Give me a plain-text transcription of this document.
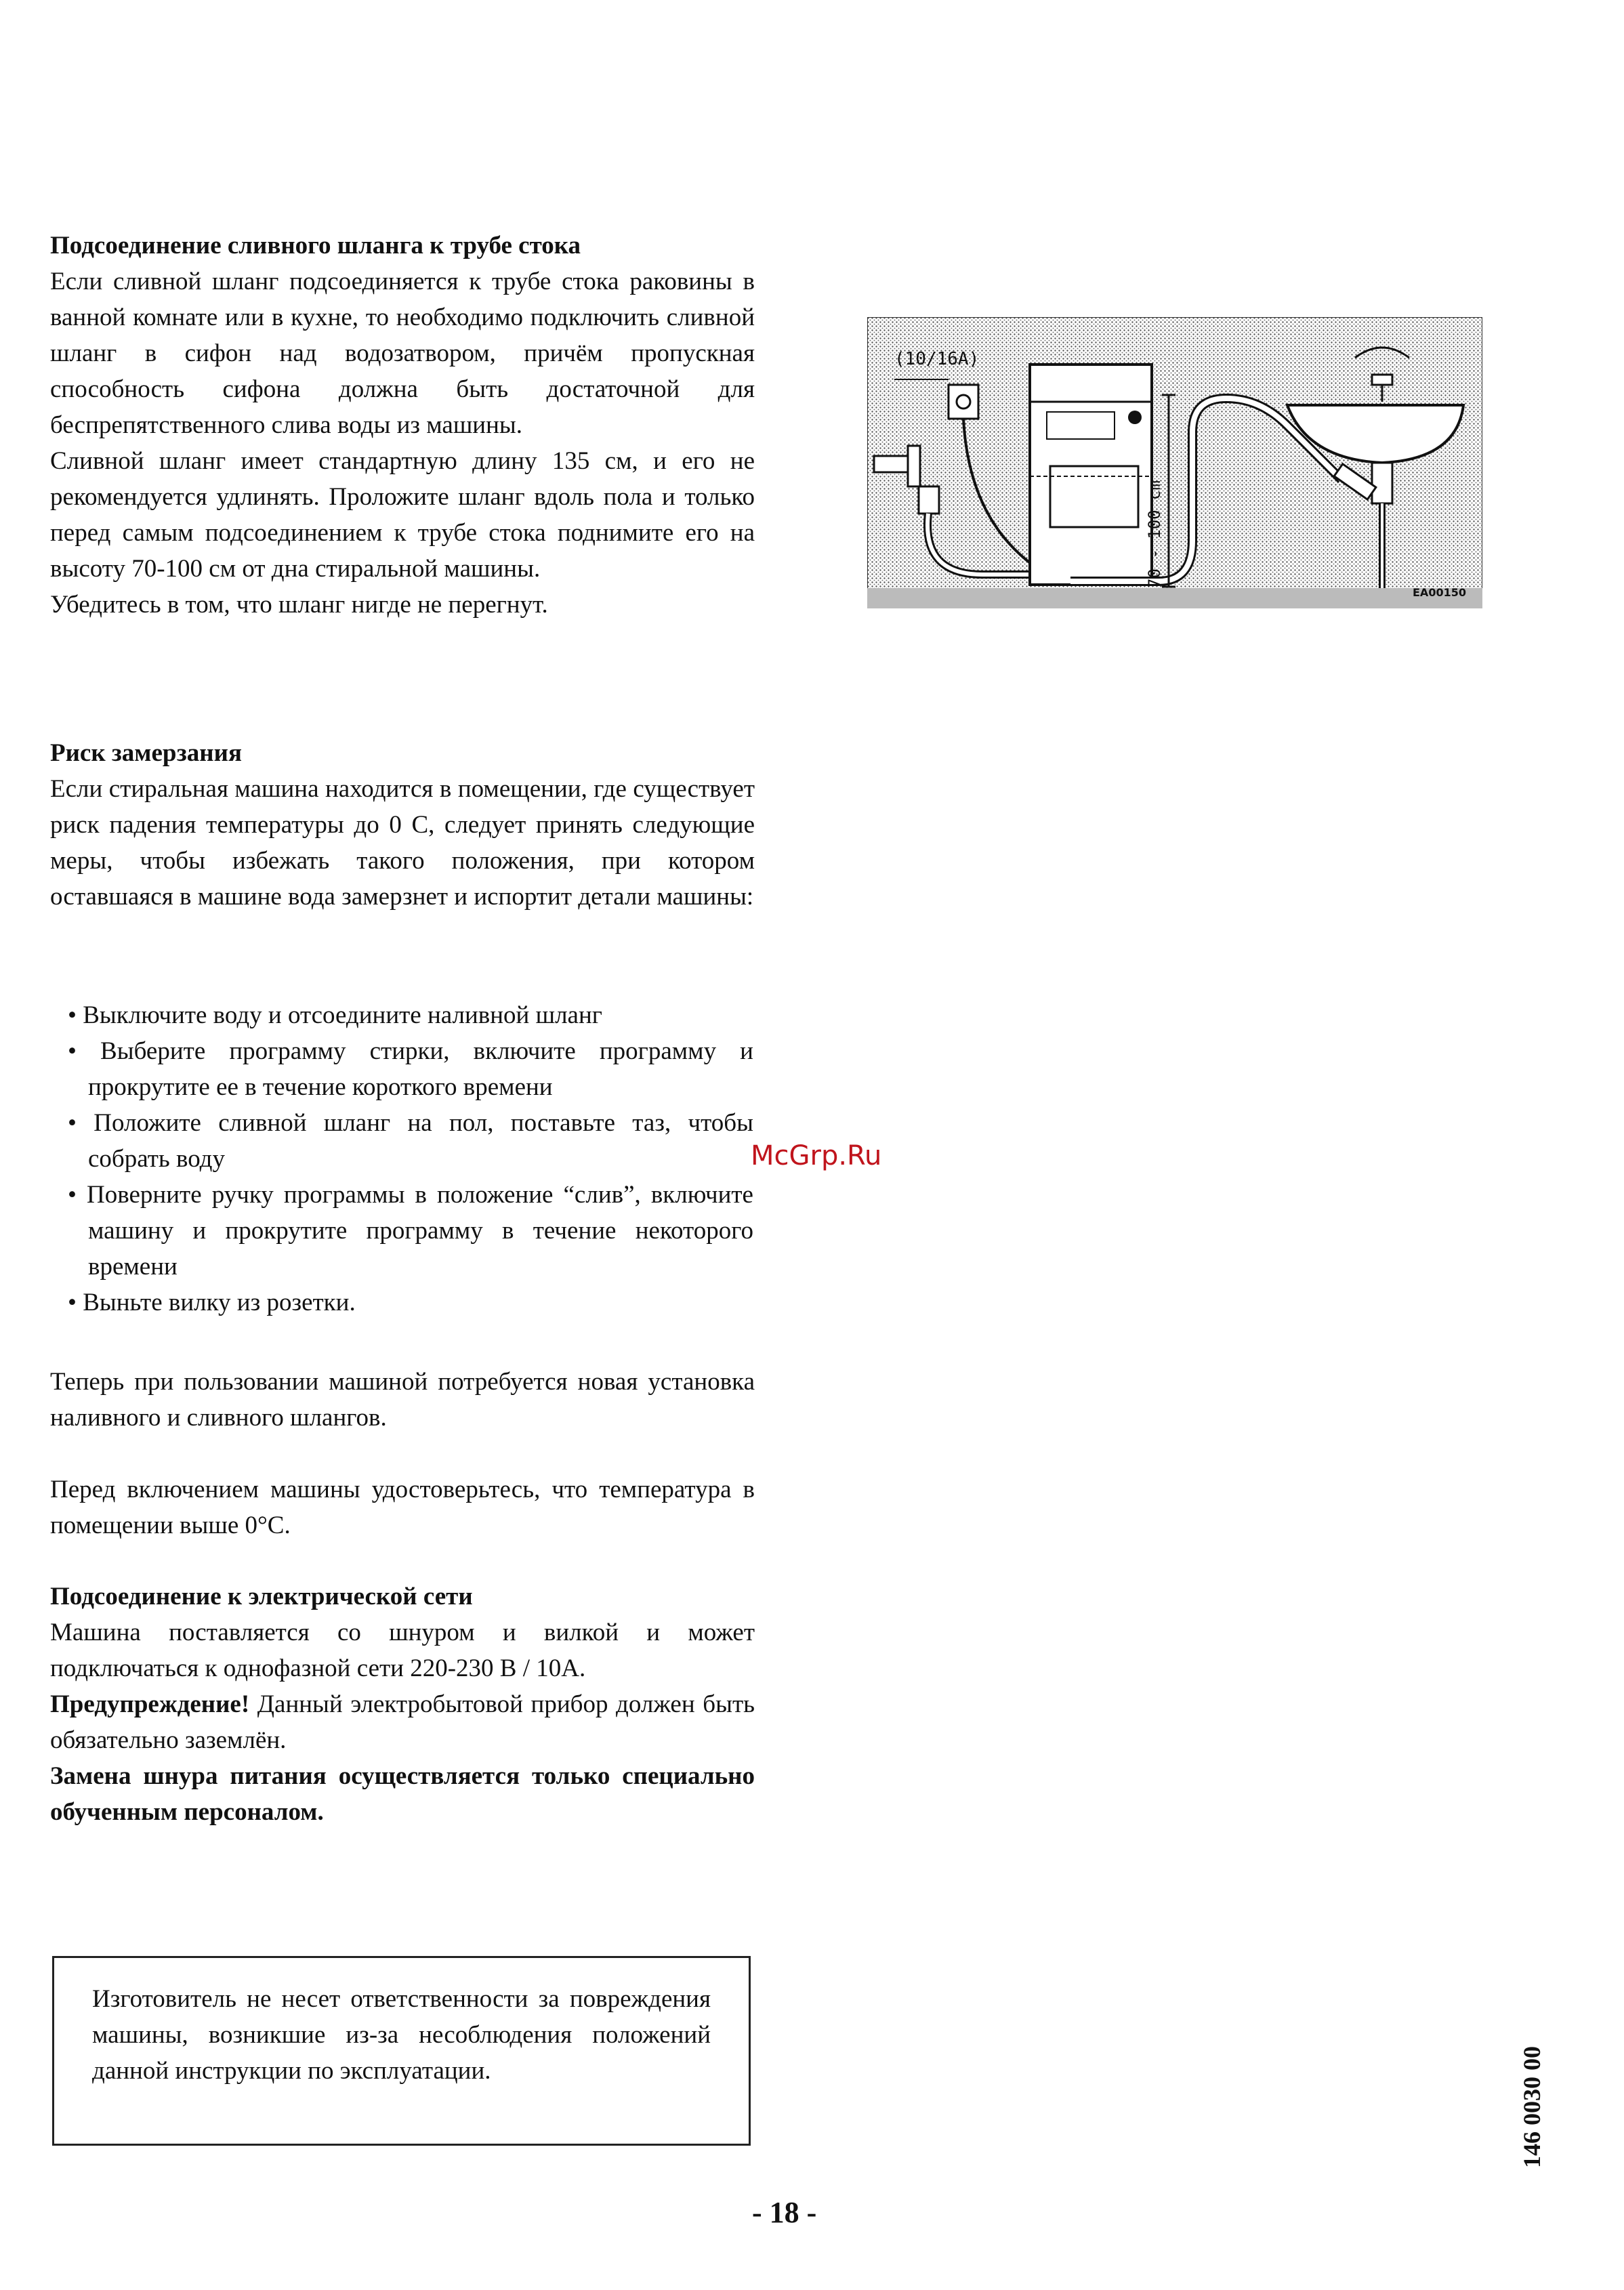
Подсоединение сливного шланга к трубе стока

Если сливной шланг подсоединяется к трубе стока раковины в ванной комнате или в кухне, то необходимо подключить сливной шланг в сифон над водозатвором, причём пропускная способность сифона должна быть достаточной для беспрепятственного слива воды из машины.

Сливной шланг имеет стандартную длину 135 см, и его не рекомендуется удлинять. Проложите шланг вдоль пола и только перед самым подсоединением к трубе стока поднимите его на высоту 70-100 см от дна стиральной машины.

Убедитесь в том, что шланг нигде не перегнут.

(10/16A)
70 - 100 cm
EA00150

Риск замерзания

Если стиральная машина находится в помещении, где существует риск падения температуры до 0 С, следует принять следующие меры, чтобы избежать такого положения, при котором оставшаяся в машине вода замерзнет и испортит детали машины:

• Выключите воду и отсоедините наливной шланг
• Выберите программу стирки, включите программу и прокрутите ее в течение короткого времени
• Положите сливной шланг на пол, поставьте таз, чтобы собрать воду
• Поверните ручку программы в положение “слив”, включите машину и прокрутите программу в течение некоторого времени
• Выньте вилку из розетки.

Теперь при пользовании машиной потребуется новая установка наливного и сливного шлангов.

Перед включением машины удостоверьтесь, что температура в помещении выше 0°С.

Подсоединение к электрической сети

Машина поставляется со шнуром и вилкой и может подключаться к однофазной сети 220-230 В / 10А.

Предупреждение! Данный электробытовой прибор должен быть обязательно заземлён.

Замена шнура питания осуществляется только специально обученным персоналом.

McGrp.Ru

Изготовитель не несет ответственности за повреждения машины, возникшие из-за несоблюдения положений данной инструкции по эксплуатации.

- 18 -
146 0030 00
